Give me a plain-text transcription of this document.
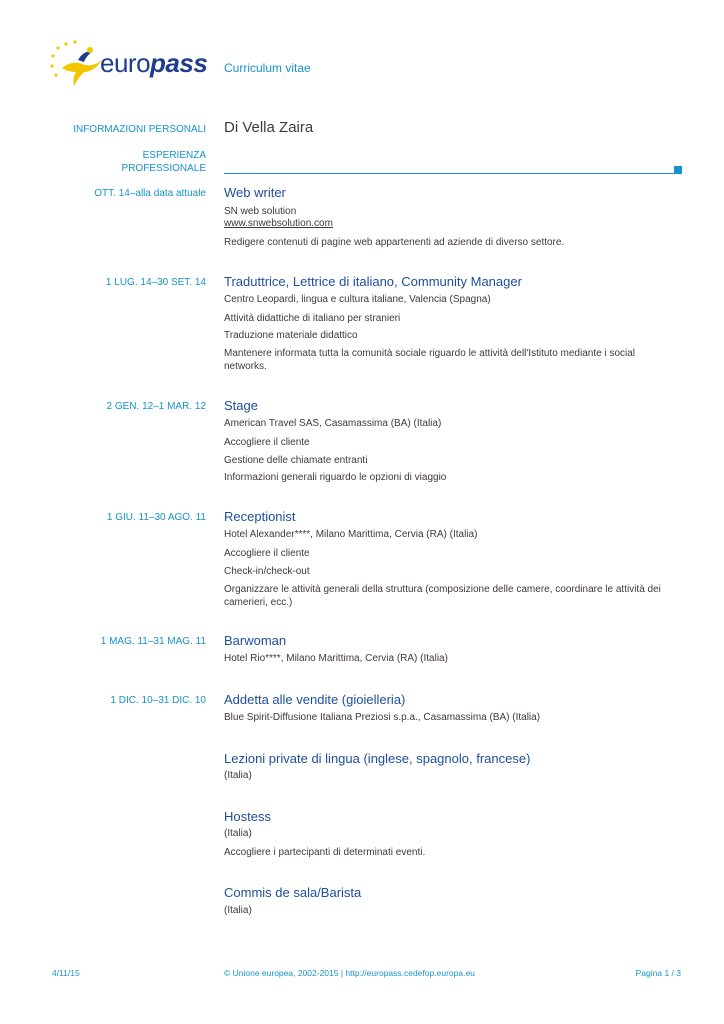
europass Curriculum vitae
INFORMAZIONI PERSONALI Di Vella Zaira
ESPERIENZA
PROFESSIONALE
OTT. 14–alla data attuale Web writer
SN web solution
www.snwebsolution.com
Redigere contenuti di pagine web appartenenti ad aziende di diverso settore.
1 LUG. 14–30 SET. 14 Traduttrice, Lettrice di italiano, Community Manager
Centro Leopardi, lingua e cultura italiane, Valencia (Spagna)
Attività didattiche di italiano per stranieri
Traduzione materiale didattico
Mantenere informata tutta la comunità sociale riguardo le attività dell'Istituto mediante i social networks.
2 GEN. 12–1 MAR. 12 Stage
American Travel SAS, Casamassima (BA) (Italia)
Accogliere il cliente
Gestione delle chiamate entranti
Informazioni generali riguardo le opzioni di viaggio
1 GIU. 11–30 AGO. 11 Receptionist
Hotel Alexander****, Milano Marittima, Cervia (RA) (Italia)
Accogliere il cliente
Check-in/check-out
Organizzare le attività generali della struttura (composizione delle camere, coordinare le attività dei camerieri, ecc.)
1 MAG. 11–31 MAG. 11 Barwoman
Hotel Rio****, Milano Marittima, Cervia (RA) (Italia)
1 DIC. 10–31 DIC. 10 Addetta alle vendite (gioielleria)
Blue Spirit-Diffusione Italiana Preziosi s.p.a., Casamassima (BA) (Italia)
Lezioni private di lingua (inglese, spagnolo, francese)
(Italia)
Hostess
(Italia)
Accogliere i partecipanti di determinati eventi.
Commis de sala/Barista
(Italia)
4/11/15	© Unione europea, 2002-2015 | http://europass.cedefop.europa.eu	Pagina 1 / 3
